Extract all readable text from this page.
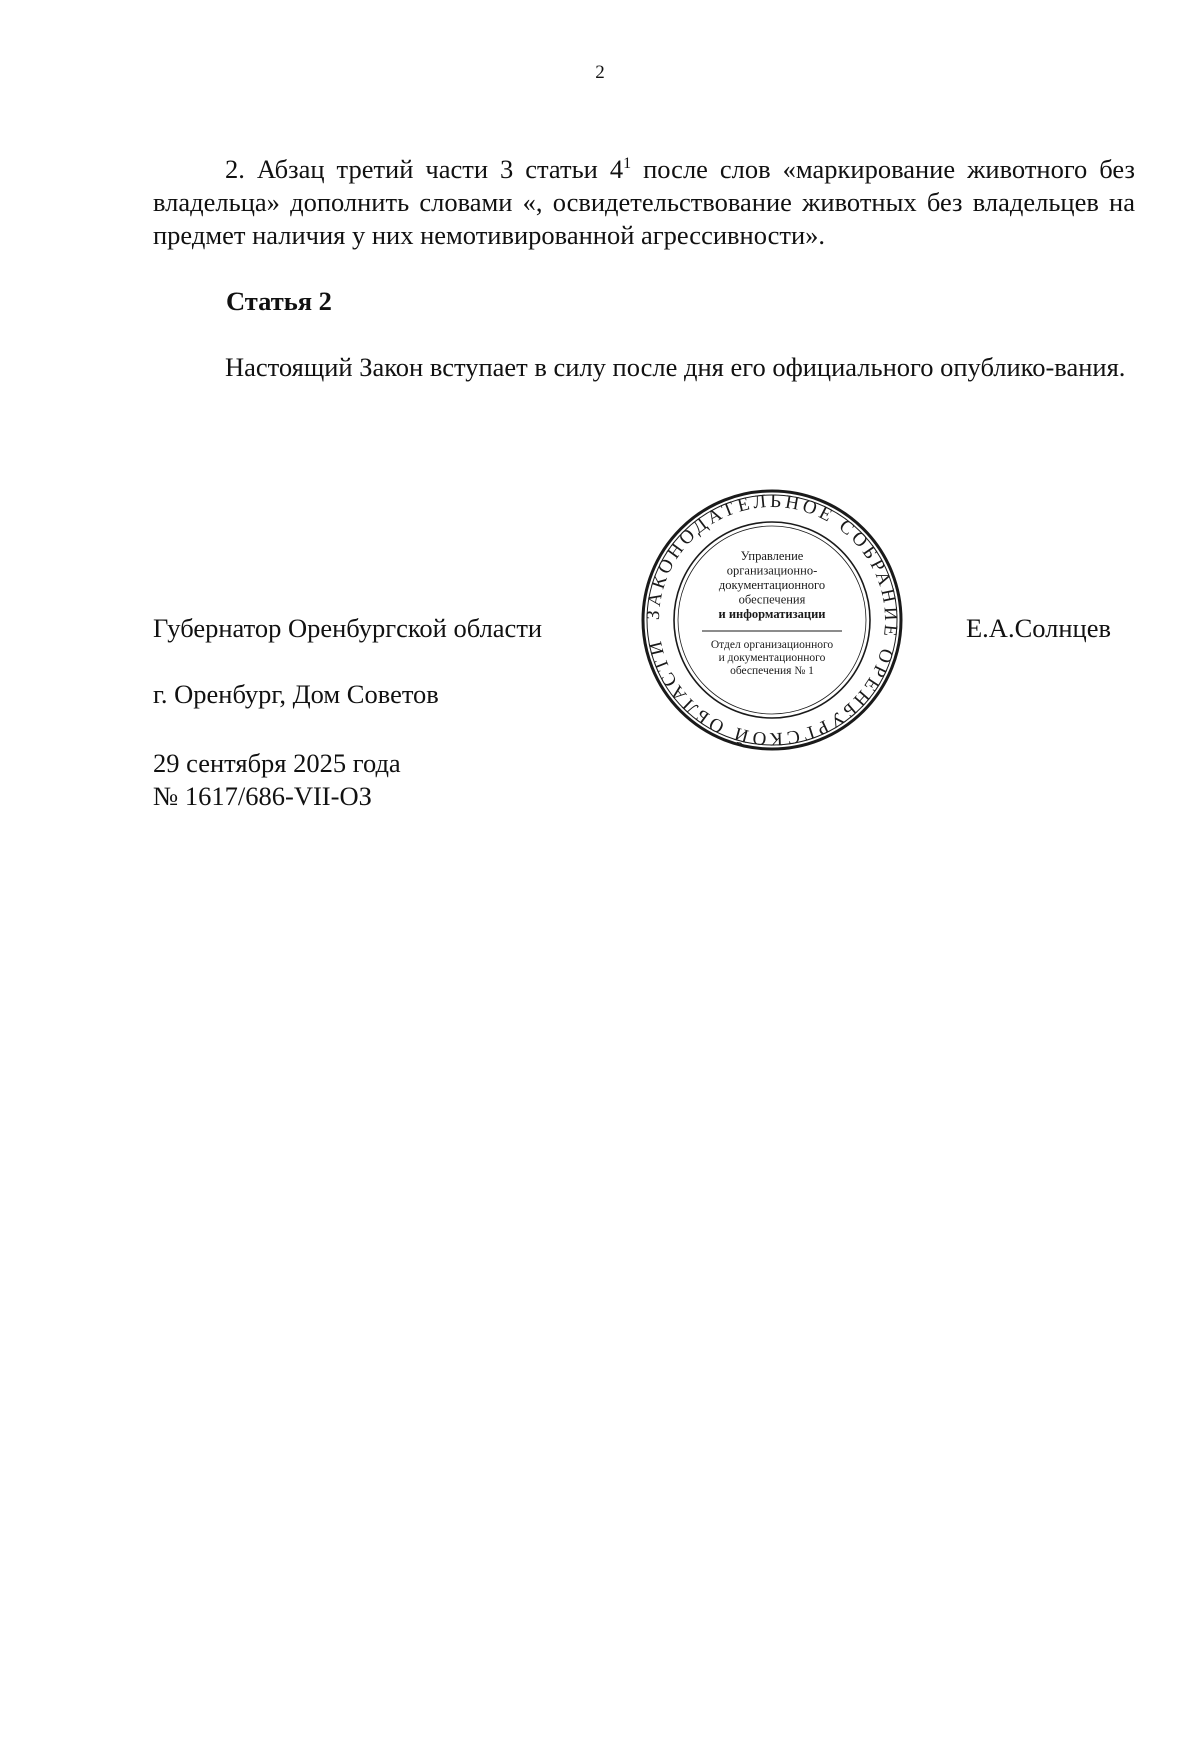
2

2. Абзац третий части 3 статьи $4^1$ после слов «маркирование животного без владельца» дополнить словами «, освидетельствование животных без владельцев на предмет наличия у них немотивированной агрессивности».

Статья 2

Настоящий Закон вступает в силу после дня его официального опублико-вания.

Губернатор Оренбургской области	Е.А.Солнцев

г. Оренбург, Дом Советов

29 сентября 2025 года

№ 1617/686-VII-ОЗ

ЗАКОНОДАТЕЛЬНОЕ СОБРАНИЕ ОРЕНБУРГСКОЙ ОБЛАСТИ
Управление
организационно-
документационного
обеспечения
и информатизации
Отдел организационного
и документационного
обеспечения № 1
